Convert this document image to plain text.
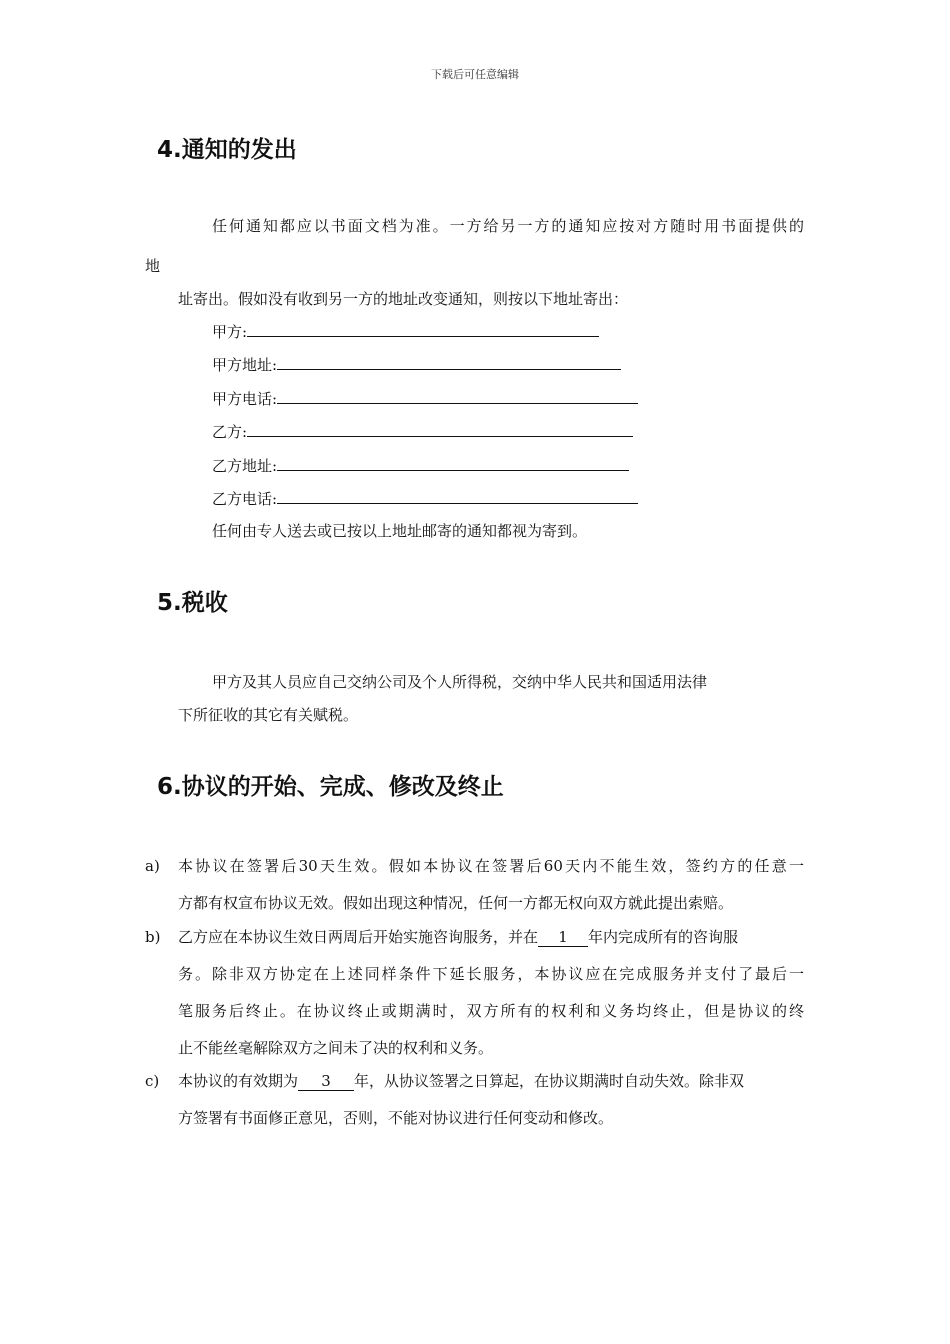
下载后可任意编辑
4.通知的发出
任何通知都应以书面文档为准。一方给另一方的通知应按对方随时用书面提供的
地
址寄出。假如没有收到另一方的地址改变通知，则按以下地址寄出：
甲方:
甲方地址:
甲方电话:
乙方:
乙方地址:
乙方电话:
任何由专人送去或已按以上地址邮寄的通知都视为寄到。
5.税收
甲方及其人员应自己交纳公司及个人所得税，交纳中华人民共和国适用法律
下所征收的其它有关赋税。
6.协议的开始、完成、修改及终止
a) 本协议在签署后30天生效。假如本协议在签署后60天内不能生效，签约方的任意一
方都有权宣布协议无效。假如出现这种情况，任何一方都无权向双方就此提出索赔。
b) 乙方应在本协议生效日两周后开始实施咨询服务，并在 1 年内完成所有的咨询服
务。除非双方协定在上述同样条件下延长服务，本协议应在完成服务并支付了最后一
笔服务后终止。在协议终止或期满时，双方所有的权利和义务均终止，但是协议的终
止不能丝毫解除双方之间未了决的权利和义务。
c) 本协议的有效期为 3 年，从协议签署之日算起，在协议期满时自动失效。除非双
方签署有书面修正意见，否则，不能对协议进行任何变动和修改。
